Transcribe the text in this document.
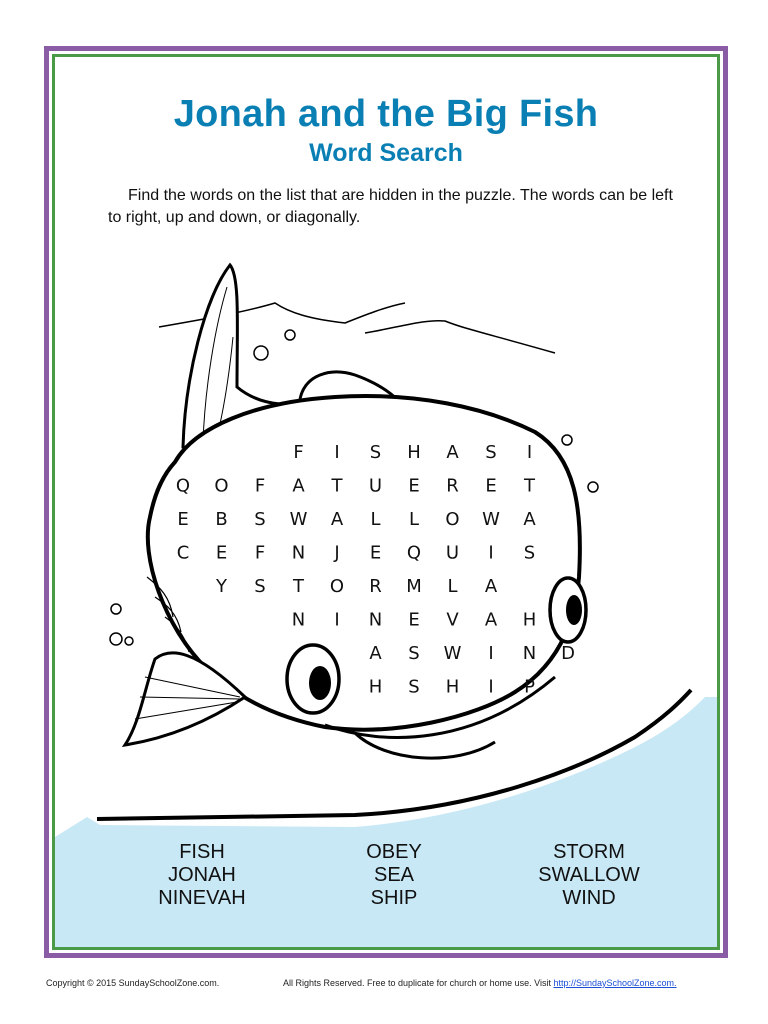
Jonah and the Big Fish
Word Search
Find the words on the list that are hidden in the puzzle. The words can be left to right, up and down, or diagonally.
F I S H A S I
Q O F A T U E R E T
E B S W A L L O W A
C E F N J E Q U I S
Y S T O R M L A
N I N E V A H
A S W I N D
H S H I P
FISH
JONAH
NINEVAH
OBEY
SEA
SHIP
STORM
SWALLOW
WIND
Copyright © 2015 SundaySchoolZone.com.	All Rights Reserved. Free to duplicate for church or home use. Visit http://SundaySchoolZone.com.
